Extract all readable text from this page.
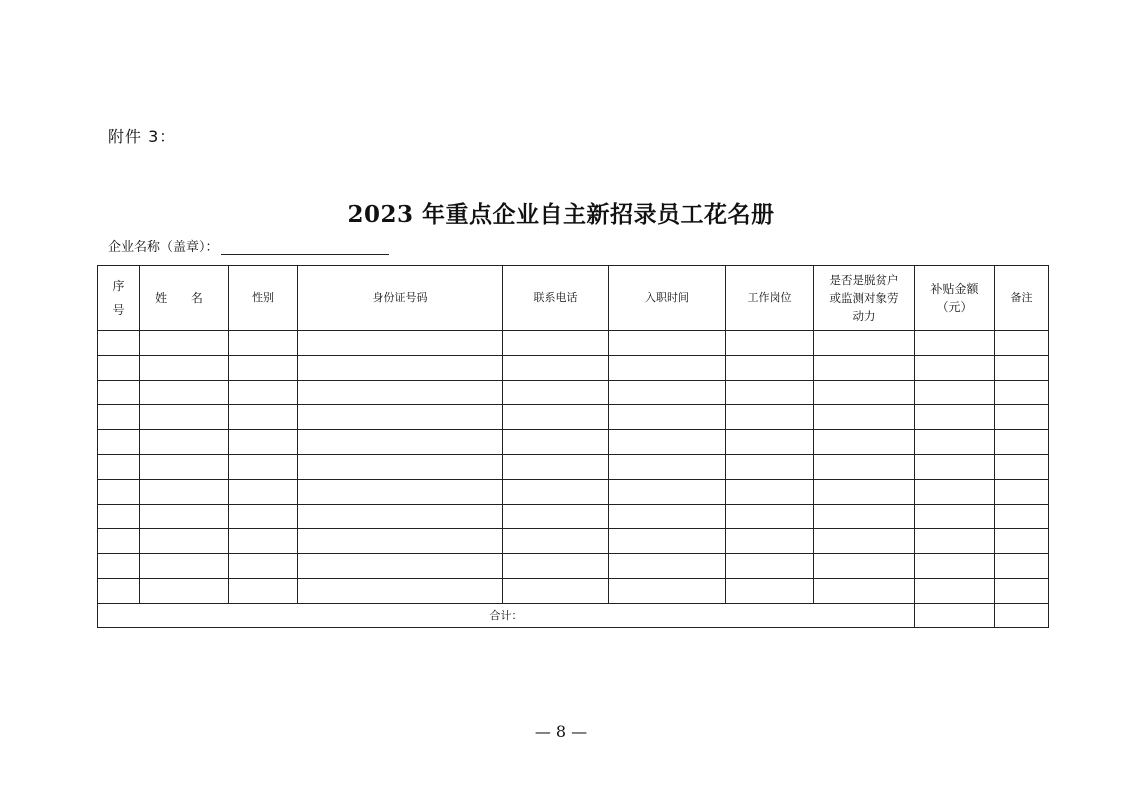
附件 3：
2023 年重点企业自主新招录员工花名册
企业名称（盖章）：
序
号	姓 名	性别	身份证号码	联系电话	入职时间	工作岗位	是否是脱贫户
或监测对象劳
动力	补贴金额
（元）	备注

合计：									
— 8 —
